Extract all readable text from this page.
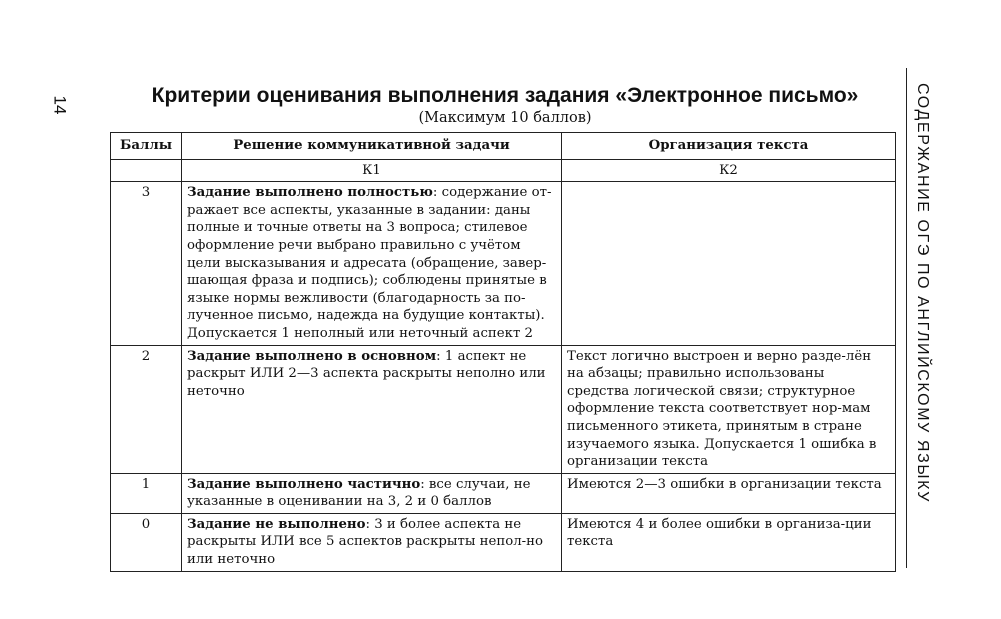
14	СОДЕРЖАНИЕ ОГЭ ПО АНГЛИЙСКОМУ ЯЗЫКУ
Критерии оценивания выполнения задания «Электронное письмо»
(Максимум 10 баллов)
Баллы	Решение коммуникативной задачи	Организация текста
	К1	К2
3	Задание выполнено полностью: содержание от-ражает все аспекты, указанные в задании: даны полные и точные ответы на 3 вопроса; стилевое оформление речи выбрано правильно с учётом цели высказывания и адресата (обращение, завер-шающая фраза и подпись); соблюдены принятые в языке нормы вежливости (благодарность за по-лученное письмо, надежда на будущие контакты). Допускается 1 неполный или неточный аспект 2	
2	Задание выполнено в основном: 1 аспект не раскрыт ИЛИ 2—3 аспекта раскрыты неполно или неточно	Текст логично выстроен и верно разде-лён на абзацы; правильно использованы средства логической связи; структурное оформление текста соответствует нор-мам письменного этикета, принятым в стране изучаемого языка. Допускается 1 ошибка в организации текста
1	Задание выполнено частично: все случаи, не указанные в оценивании на 3, 2 и 0 баллов	Имеются 2—3 ошибки в организации текста
0	Задание не выполнено: 3 и более аспекта не раскрыты ИЛИ все 5 аспектов раскрыты непол-но или неточно	Имеются 4 и более ошибки в организа-ции текста
